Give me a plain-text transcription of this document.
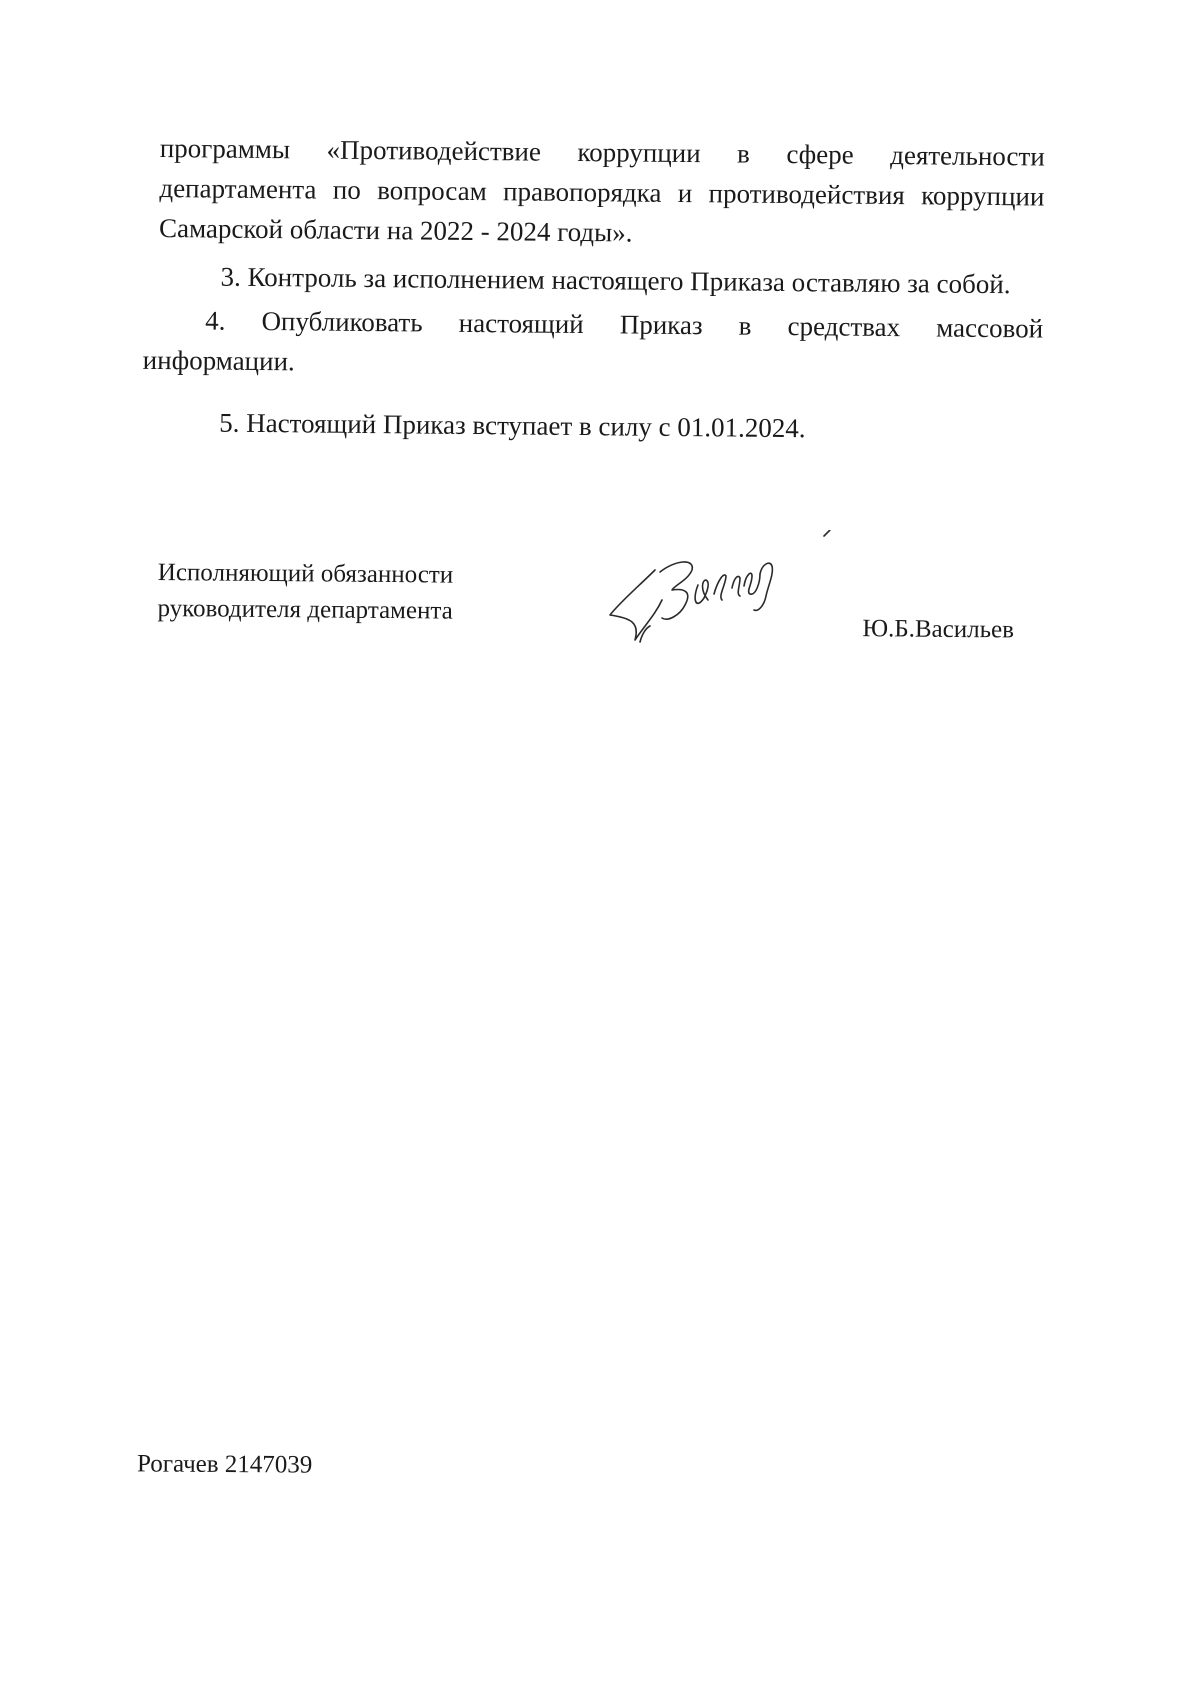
программы «Противодействие коррупции в сфере деятельности департамента по вопросам правопорядка и противодействия коррупции Самарской области на 2022 - 2024 годы».

3. Контроль за исполнением настоящего Приказа оставляю за собой.

4. Опубликовать настоящий Приказ в средствах массовой

информации.

5. Настоящий Приказ вступает в силу с 01.01.2024.

Исполняющий обязанности
руководителя департамента
Ю.Б.Васильев
Рогачев 2147039
